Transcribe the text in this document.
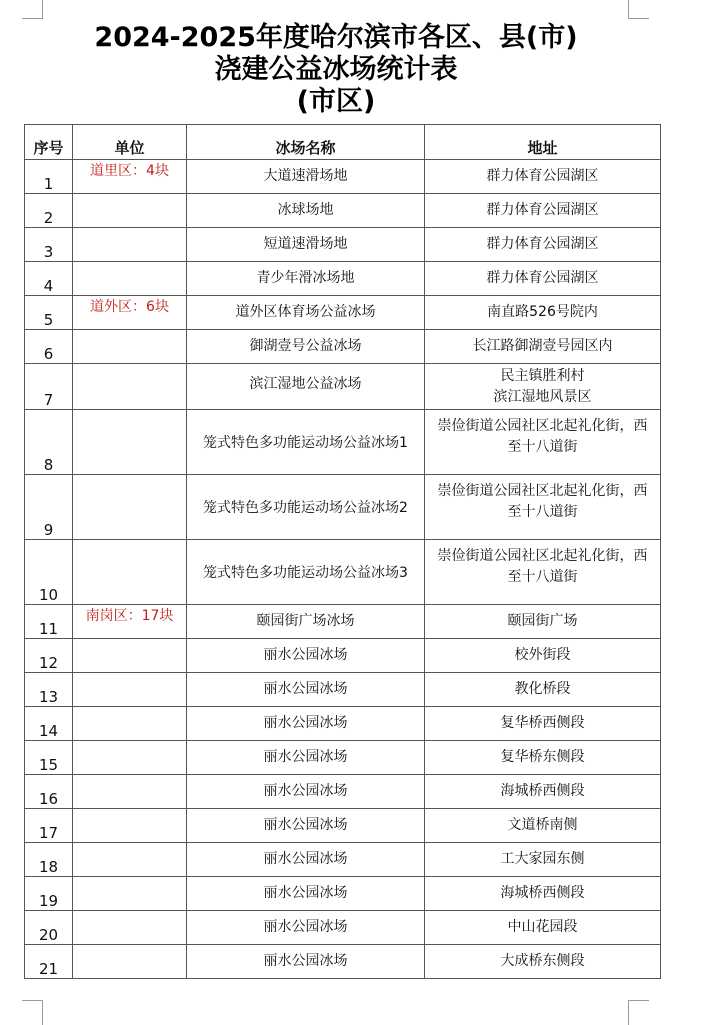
2024-2025年度哈尔滨市各区、县(市)
浇建公益冰场统计表
(市区)
序号	单位	冰场名称	地址
1	道里区：4块	大道速滑场地	群力体育公园湖区

2		冰球场地	群力体育公园湖区

3		短道速滑场地	群力体育公园湖区

4		青少年滑冰场地	群力体育公园湖区

5	道外区：6块	道外区体育场公益冰场	南直路526号院内

6		御湖壹号公益冰场	长江路御湖壹号园区内

7		滨江湿地公益冰场	民主镇胜利村
滨江湿地风景区

8		笼式特色多功能运动场公益冰场1	崇俭街道公园社区北起礼化街，西
至十八道街

9		笼式特色多功能运动场公益冰场2	崇俭街道公园社区北起礼化街，西
至十八道街

10		笼式特色多功能运动场公益冰场3	崇俭街道公园社区北起礼化街，西
至十八道街

11	南岗区：17块	颐园街广场冰场	颐园街广场

12		丽水公园冰场	校外街段

13		丽水公园冰场	教化桥段

14		丽水公园冰场	复华桥西侧段

15		丽水公园冰场	复华桥东侧段

16		丽水公园冰场	海城桥西侧段

17		丽水公园冰场	文道桥南侧

18		丽水公园冰场	工大家园东侧

19		丽水公园冰场	海城桥西侧段

20		丽水公园冰场	中山花园段

21		丽水公园冰场	大成桥东侧段
